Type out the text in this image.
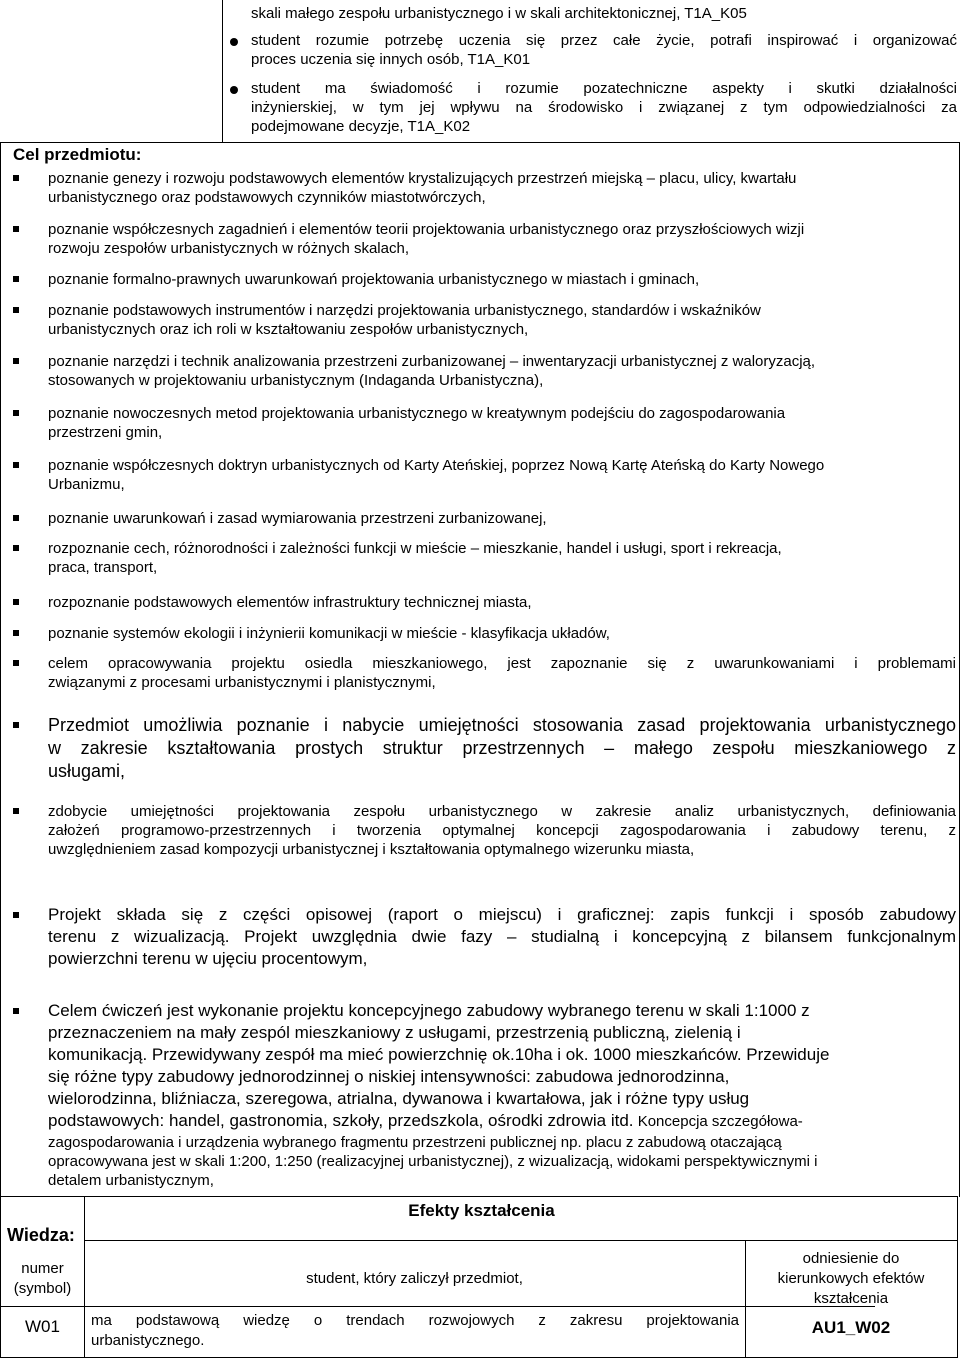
skali małego zespołu urbanistycznego i w skali architektonicznej, T1A_K05
student rozumie potrzebę uczenia się przez całe życie, potrafi inspirować i organizować
proces uczenia się innych osób, T1A_K01
student ma świadomość i rozumie pozatechniczne aspekty i skutki działalności
inżynierskiej, w tym jej wpływu na środowisko i związanej z tym odpowiedzialności za
podejmowane decyzje, T1A_K02
Cel przedmiotu:
poznanie genezy i rozwoju podstawowych elementów krystalizujących przestrzeń miejską – placu, ulicy, kwartału
urbanistycznego oraz podstawowych czynników miastotwórczych,
poznanie współczesnych zagadnień i elementów teorii projektowania urbanistycznego oraz przyszłościowych wizji
rozwoju zespołów urbanistycznych w różnych skalach,
poznanie formalno-prawnych uwarunkowań projektowania urbanistycznego w miastach i gminach,
poznanie podstawowych instrumentów i narzędzi projektowania urbanistycznego, standardów i wskaźników
urbanistycznych oraz ich roli w kształtowaniu zespołów urbanistycznych,
poznanie narzędzi i technik analizowania przestrzeni zurbanizowanej – inwentaryzacji urbanistycznej z waloryzacją,
stosowanych w projektowaniu urbanistycznym (Indaganda Urbanistyczna),
poznanie nowoczesnych metod projektowania urbanistycznego w kreatywnym podejściu do zagospodarowania
przestrzeni gmin,
poznanie współczesnych doktryn urbanistycznych od Karty Ateńskiej, poprzez Nową Kartę Ateńską do Karty Nowego
Urbanizmu,
poznanie uwarunkowań i zasad wymiarowania przestrzeni zurbanizowanej,
rozpoznanie cech, różnorodności i zależności funkcji w mieście – mieszkanie, handel i usługi, sport i rekreacja,
praca, transport,
rozpoznanie podstawowych elementów infrastruktury technicznej miasta,
poznanie systemów ekologii i inżynierii komunikacji w mieście - klasyfikacja układów,
celem opracowywania projektu osiedla mieszkaniowego, jest zapoznanie się z uwarunkowaniami i problemami
związanymi z procesami urbanistycznymi i planistycznymi,
Przedmiot umożliwia poznanie i nabycie umiejętności stosowania zasad projektowania urbanistycznego
w zakresie kształtowania prostych struktur przestrzennych – małego zespołu mieszkaniowego z
usługami,
zdobycie umiejętności projektowania zespołu urbanistycznego w zakresie analiz urbanistycznych, definiowania
założeń programowo-przestrzennych i tworzenia optymalnej koncepcji zagospodarowania i zabudowy terenu, z
uwzględnieniem zasad kompozycji urbanistycznej i kształtowania optymalnego wizerunku miasta,
Projekt składa się z części opisowej (raport o miejscu) i graficznej: zapis funkcji i sposób zabudowy
terenu z wizualizacją. Projekt uwzględnia dwie fazy – studialną i koncepcyjną z bilansem funkcjonalnym
powierzchni terenu w ujęciu procentowym,
Celem ćwiczeń jest wykonanie projektu koncepcyjnego zabudowy wybranego terenu w skali 1:1000 z
przeznaczeniem na mały zespól mieszkaniowy z usługami, przestrzenią publiczną, zielenią i
komunikacją. Przewidywany zespół ma mieć powierzchnię ok.10ha i ok. 1000 mieszkańców. Przewiduje
się różne typy zabudowy jednorodzinnej o niskiej intensywności: zabudowa jednorodzinna,
wielorodzinna, bliźniacza, szeregowa, atrialna, dywanowa i kwartałowa, jak i różne typy usług
podstawowych: handel, gastronomia, szkoły, przedszkola, ośrodki zdrowia itd. Koncepcja szczegółowa-
zagospodarowania i urządzenia wybranego fragmentu przestrzeni publicznej np. placu z zabudową otaczającą
opracowywana jest w skali 1:200, 1:250 (realizacyjnej urbanistycznej), z wizualizacją, widokami perspektywicznymi i
detalem urbanistycznym,
Wiedza:
Efekty kształcenia
numer
(symbol)
student, który zaliczył przedmiot,
odniesienie do
kierunkowych efektów
kształcenia
W01	ma podstawową wiedzę o trendach rozwojowych z zakresu projektowania
urbanistycznego.
AU1_W02
